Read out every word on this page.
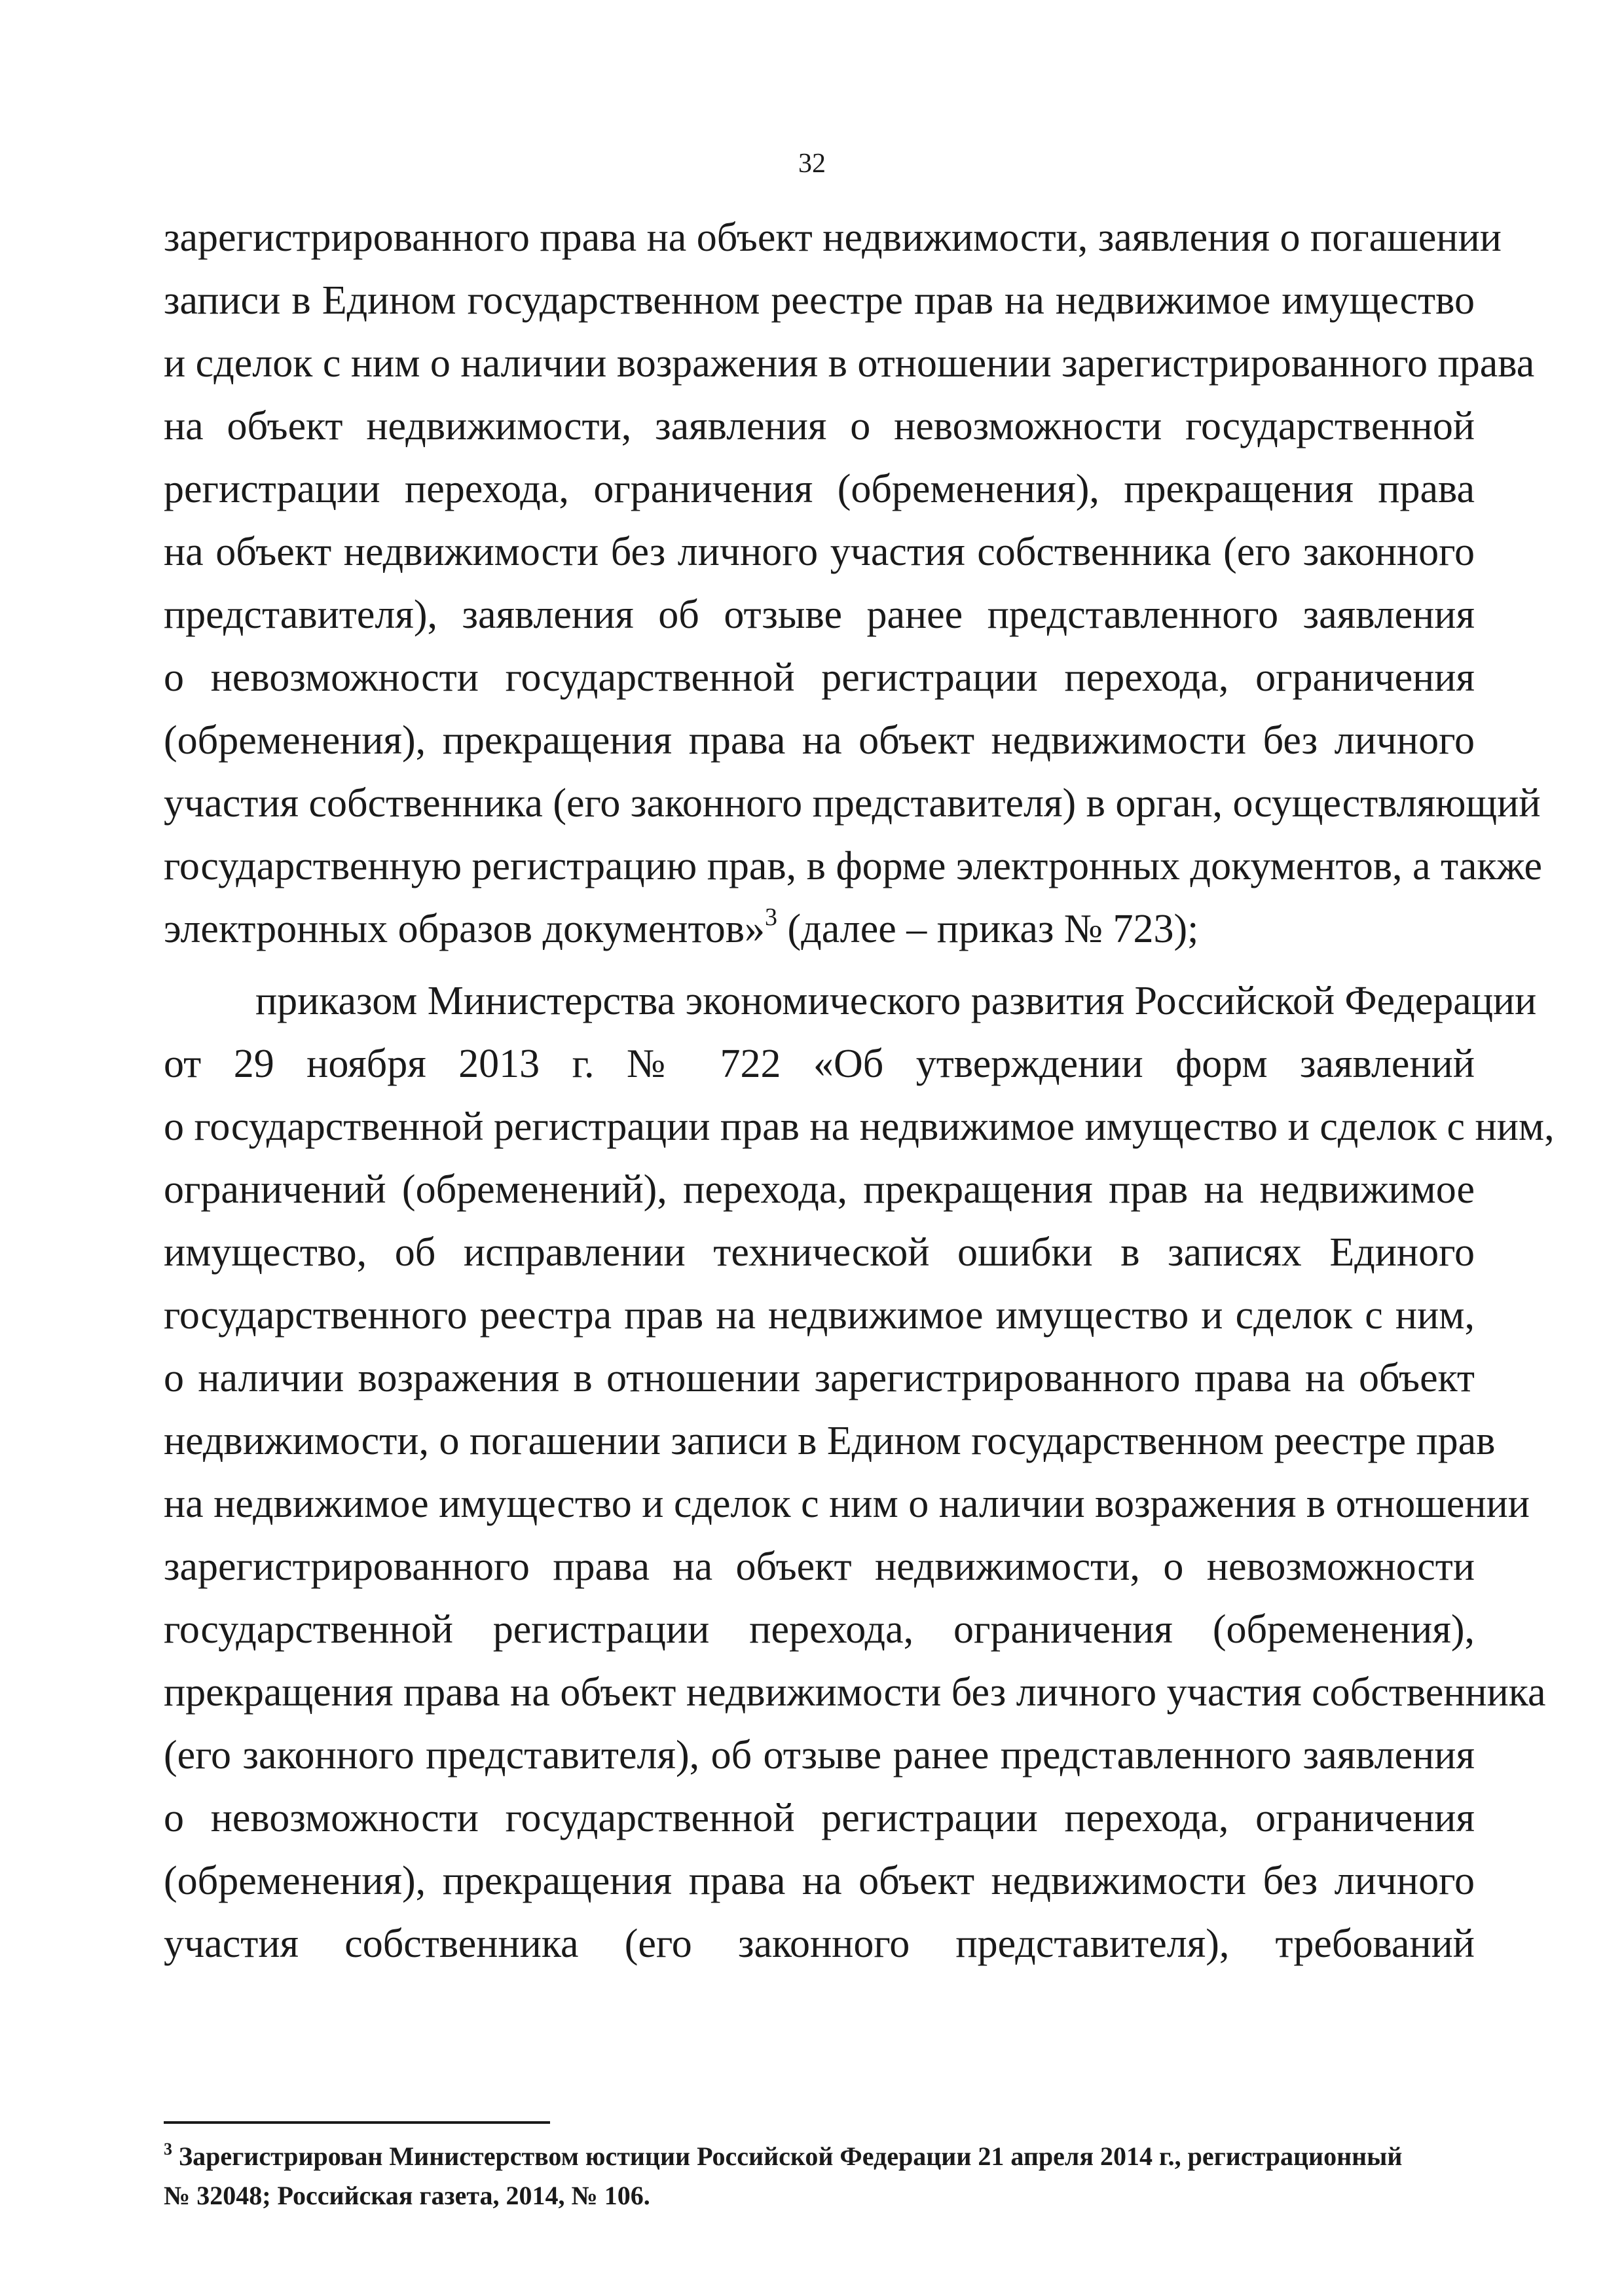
32
зарегистрированного права на объект недвижимости, заявления о погашении
записи в Едином государственном реестре прав на недвижимое имущество
и сделок с ним о наличии возражения в отношении зарегистрированного права
на объект недвижимости, заявления о невозможности государственной
регистрации перехода, ограничения (обременения), прекращения права
на объект недвижимости без личного участия собственника (его законного
представителя), заявления об отзыве ранее представленного заявления
о невозможности государственной регистрации перехода, ограничения
(обременения), прекращения права на объект недвижимости без личного
участия собственника (его законного представителя) в орган, осуществляющий
государственную регистрацию прав, в форме электронных документов, а также
электронных образов документов»$^3$ (далее – приказ № 723);
приказом Министерства экономического развития Российской Федерации
от 29 ноября 2013 г. № 722 «Об утверждении форм заявлений
о государственной регистрации прав на недвижимое имущество и сделок с ним,
ограничений (обременений), перехода, прекращения прав на недвижимое
имущество, об исправлении технической ошибки в записях Единого
государственного реестра прав на недвижимое имущество и сделок с ним,
о наличии возражения в отношении зарегистрированного права на объект
недвижимости, о погашении записи в Едином государственном реестре прав
на недвижимое имущество и сделок с ним о наличии возражения в отношении
зарегистрированного права на объект недвижимости, о невозможности
государственной регистрации перехода, ограничения (обременения),
прекращения права на объект недвижимости без личного участия собственника
(его законного представителя), об отзыве ранее представленного заявления
о невозможности государственной регистрации перехода, ограничения
(обременения), прекращения права на объект недвижимости без личного
участия собственника (его законного представителя), требований
$^3$ Зарегистрирован Министерством юстиции Российской Федерации 21 апреля 2014 г., регистрационный
№ 32048; Российская газета, 2014, № 106.
